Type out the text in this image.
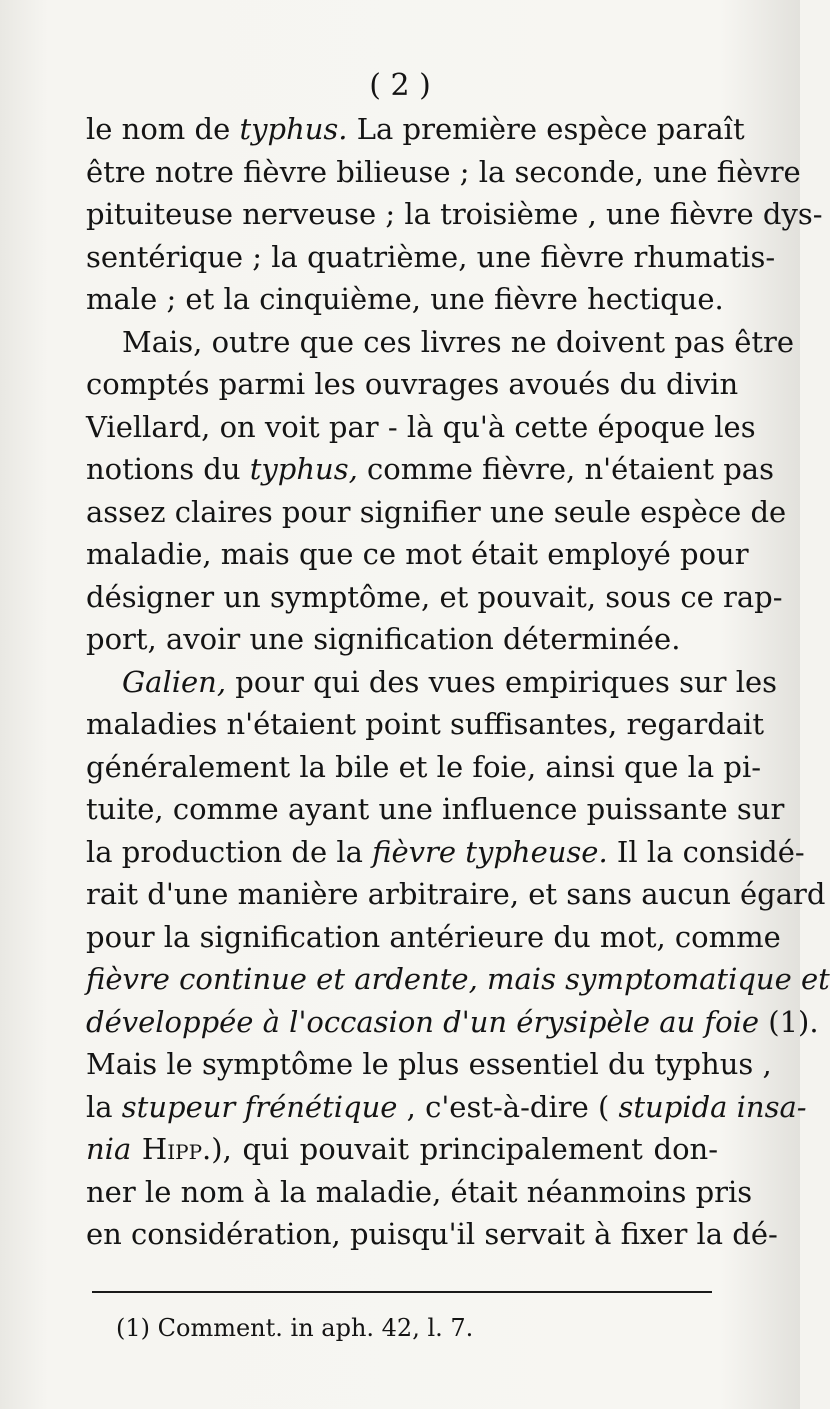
( 2 )
le nom de typhus. La première espèce paraît
être notre fièvre bilieuse ; la seconde, une fièvre
pituiteuse nerveuse ; la troisième , une fièvre dys-
sentérique ; la quatrième, une fièvre rhumatis-
male ; et la cinquième, une fièvre hectique.
Mais, outre que ces livres ne doivent pas être
comptés parmi les ouvrages avoués du divin
Viellard, on voit par - là qu'à cette époque les
notions du typhus, comme fièvre, n'étaient pas
assez claires pour signifier une seule espèce de
maladie, mais que ce mot était employé pour
désigner un symptôme, et pouvait, sous ce rap-
port, avoir une signification déterminée.
Galien, pour qui des vues empiriques sur les
maladies n'étaient point suffisantes, regardait
généralement la bile et le foie, ainsi que la pi-
tuite, comme ayant une influence puissante sur
la production de la fièvre typheuse. Il la considé-
rait d'une manière arbitraire, et sans aucun égard
pour la signification antérieure du mot, comme
fièvre continue et ardente, mais symptomatique et
développée à l'occasion d'un érysipèle au foie (1).
Mais le symptôme le plus essentiel du typhus ,
la stupeur frénétique , c'est-à-dire ( stupida insa-
nia Hipp.), qui pouvait principalement don-
ner le nom à la maladie, était néanmoins pris
en considération, puisqu'il servait à fixer la dé-
(1) Comment. in aph. 42, l. 7.
